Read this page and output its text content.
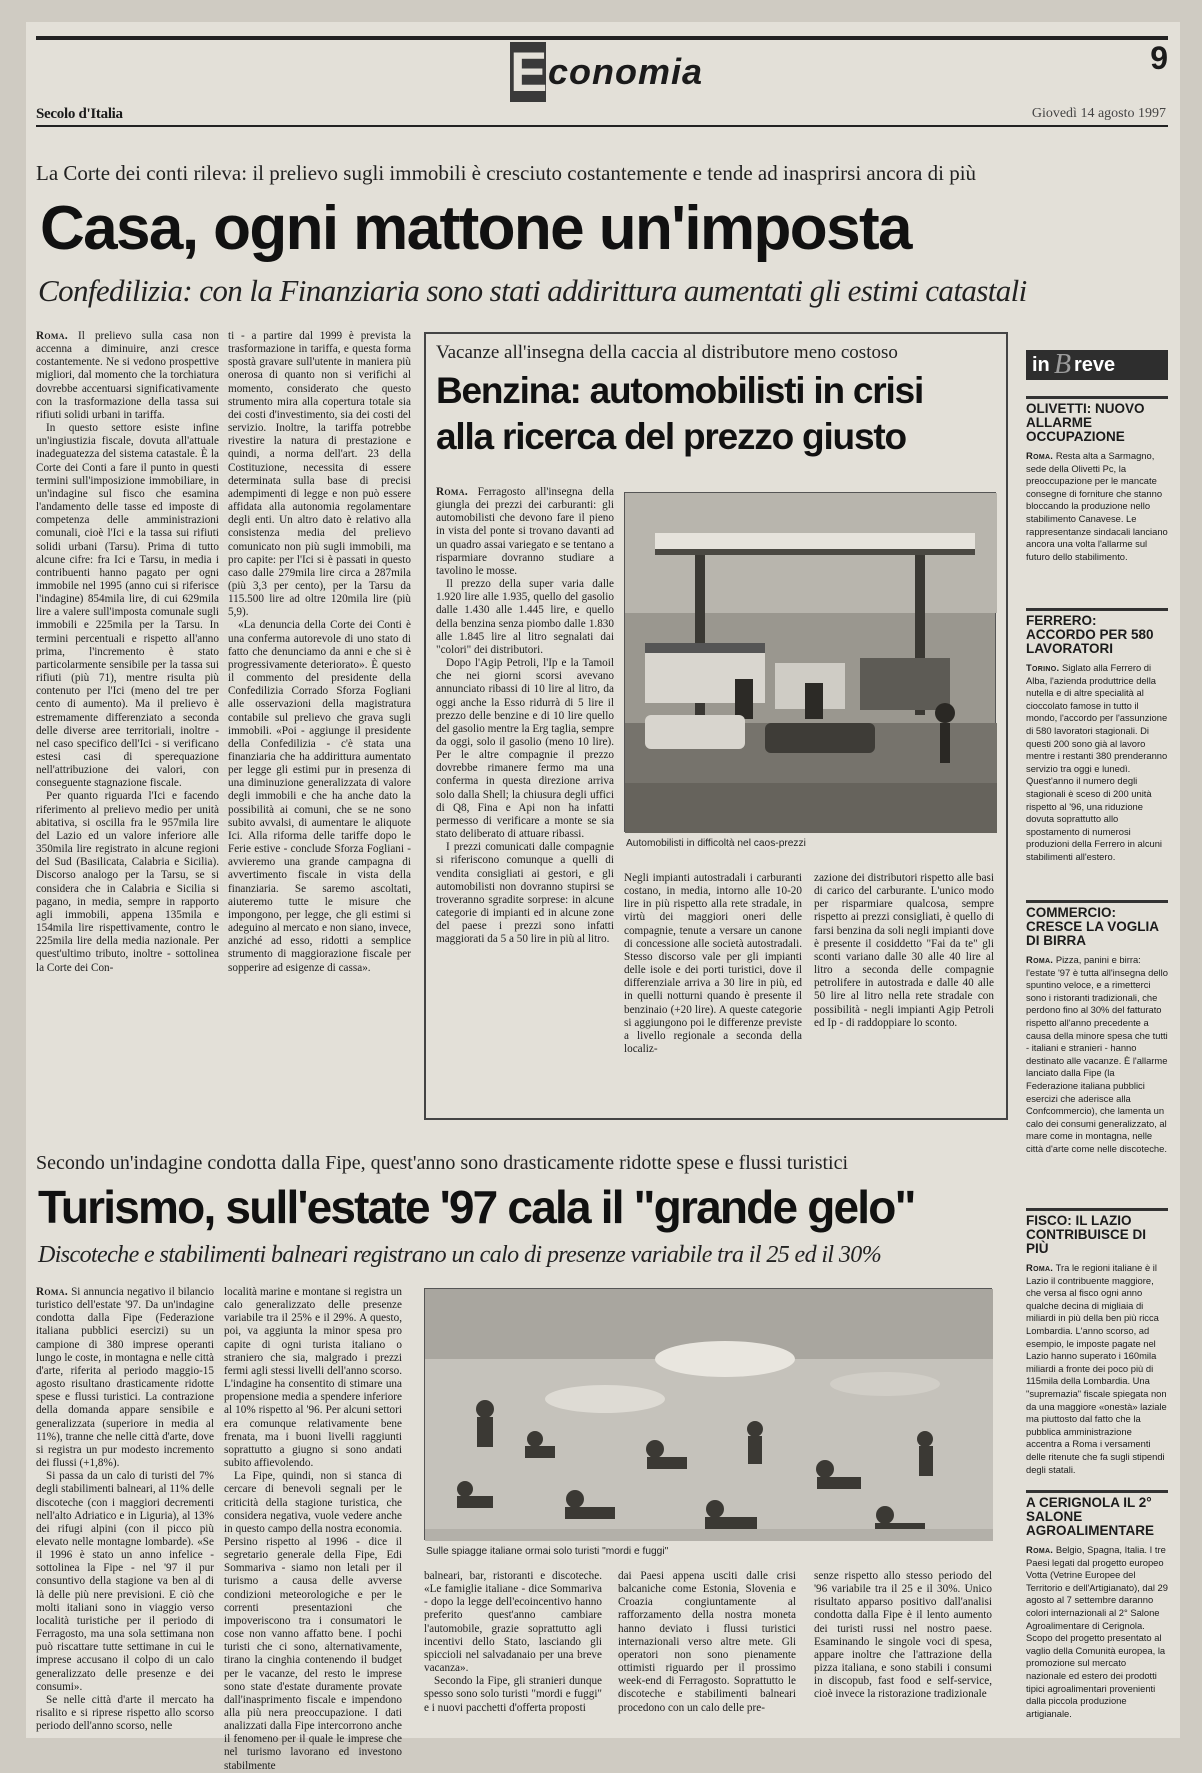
E conomia	9
Secolo d'Italia	Giovedì 14 agosto 1997
La Corte dei conti rileva: il prelievo sugli immobili è cresciuto costantemente e tende ad inasprirsi ancora di più
Casa, ogni mattone un'imposta
Confedilizia: con la Finanziaria sono stati addirittura aumentati gli estimi catastali

Roma. Il prelievo sulla casa non accenna a diminuire, anzi cresce costantemente. Ne si vedono prospettive migliori, dal momento che la torchiatura dovrebbe accentuarsi significativamente con la trasformazione della tassa sui rifiuti solidi urbani in tariffa.

In questo settore esiste infine un'ingiustizia fiscale, dovuta all'attuale inadeguatezza del sistema catastale. È la Corte dei Conti a fare il punto in questi termini sull'imposizione immobiliare, in un'indagine sul fisco che esamina l'andamento delle tasse ed imposte di competenza delle amministrazioni comunali, cioè l'Ici e la tassa sui rifiuti solidi urbani (Tarsu). Prima di tutto alcune cifre: fra Ici e Tarsu, in media i contribuenti hanno pagato per ogni immobile nel 1995 (anno cui si riferisce l'indagine) 854mila lire, di cui 629mila lire a valere sull'imposta comunale sugli immobili e 225mila per la Tarsu. In termini percentuali e rispetto all'anno prima, l'incremento è stato particolarmente sensibile per la tassa sui rifiuti (più 71), mentre risulta più contenuto per l'Ici (meno del tre per cento di aumento). Ma il prelievo è estremamente differenziato a seconda delle diverse aree territoriali, inoltre - nel caso specifico dell'Ici - si verificano estesi casi di sperequazione nell'attribuzione dei valori, con conseguente stagnazione fiscale.

Per quanto riguarda l'Ici e facendo riferimento al prelievo medio per unità abitativa, si oscilla fra le 957mila lire del Lazio ed un valore inferiore alle 350mila lire registrato in alcune regioni del Sud (Basilicata, Calabria e Sicilia). Discorso analogo per la Tarsu, se si considera che in Calabria e Sicilia si pagano, in media, sempre in rapporto agli immobili, appena 135mila e 154mila lire rispettivamente, contro le 225mila lire della media nazionale. Per quest'ultimo tributo, inoltre - sottolinea la Corte dei Con-

ti - a partire dal 1999 è prevista la trasformazione in tariffa, e questa forma spostà gravare sull'utente in maniera più onerosa di quanto non si verifichi al momento, considerato che questo strumento mira alla copertura totale sia dei costi d'investimento, sia dei costi del servizio. Inoltre, la tariffa potrebbe rivestire la natura di prestazione e quindi, a norma dell'art. 23 della Costituzione, necessita di essere determinata sulla base di precisi adempimenti di legge e non può essere affidata alla autonomia regolamentare degli enti. Un altro dato è relativo alla consistenza media del prelievo comunicato non più sugli immobili, ma pro capite: per l'Ici si è passati in questo caso dalle 279mila lire circa a 287mila (più 3,3 per cento), per la Tarsu da 115.500 lire ad oltre 120mila lire (più 5,9).

«La denuncia della Corte dei Conti è una conferma autorevole di uno stato di fatto che denunciamo da anni e che si è progressivamente deteriorato». È questo il commento del presidente della Confedilizia Corrado Sforza Fogliani alle osservazioni della magistratura contabile sul prelievo che grava sugli immobili. «Poi - aggiunge il presidente della Confedilizia - c'è stata una finanziaria che ha addirittura aumentato per legge gli estimi pur in presenza di una diminuzione generalizzata di valore degli immobili e che ha anche dato la possibilità ai comuni, che se ne sono subito avvalsi, di aumentare le aliquote Ici. Alla riforma delle tariffe dopo le Ferie estive - conclude Sforza Fogliani - avvieremo una grande campagna di avvertimento fiscale in vista della finanziaria. Se saremo ascoltati, aiuteremo tutte le misure che impongono, per legge, che gli estimi si adeguino al mercato e non siano, invece, anziché ad esso, ridotti a semplice strumento di maggiorazione fiscale per sopperire ad esigenze di cassa».

Vacanze all'insegna della caccia al distributore meno costoso
Benzina: automobilisti in crisi
alla ricerca del prezzo giusto

Roma. Ferragosto all'insegna della giungla dei prezzi dei carburanti: gli automobilisti che devono fare il pieno in vista del ponte si trovano davanti ad un quadro assai variegato e se tentano a risparmiare dovranno studiare a tavolino le mosse.

Il prezzo della super varia dalle 1.920 lire alle 1.935, quello del gasolio dalle 1.430 alle 1.445 lire, e quello della benzina senza piombo dalle 1.830 alle 1.845 lire al litro segnalati dai "colori" dei distributori.

Dopo l'Agip Petroli, l'Ip e la Tamoil che nei giorni scorsi avevano annunciato ribassi di 10 lire al litro, da oggi anche la Esso ridurrà di 5 lire il prezzo delle benzine e di 10 lire quello del gasolio mentre la Erg taglia, sempre da oggi, solo il gasolio (meno 10 lire). Per le altre compagnie il prezzo dovrebbe rimanere fermo ma una conferma in questa direzione arriva solo dalla Shell; la chiusura degli uffici di Q8, Fina e Api non ha infatti permesso di verificare a monte se sia stato deliberato di attuare ribassi.

I prezzi comunicati dalle compagnie si riferiscono comunque a quelli di vendita consigliati ai gestori, e gli automobilisti non dovranno stupirsi se troveranno sgradite sorprese: in alcune categorie di impianti ed in alcune zone del paese i prezzi sono infatti maggiorati da 5 a 50 lire in più al litro.

Automobilisti in difficoltà nel caos-prezzi

Negli impianti autostradali i carburanti costano, in media, intorno alle 10-20 lire in più rispetto alla rete stradale, in virtù dei maggiori oneri delle compagnie, tenute a versare un canone di concessione alle società autostradali. Stesso discorso vale per gli impianti delle isole e dei porti turistici, dove il differenziale arriva a 30 lire in più, ed in quelli notturni quando è presente il benzinaio (+20 lire). A queste categorie si aggiungono poi le differenze previste a livello regionale a seconda della localiz-

zazione dei distributori rispetto alle basi di carico del carburante. L'unico modo per risparmiare qualcosa, sempre rispetto ai prezzi consigliati, è quello di farsi benzina da soli negli impianti dove è presente il cosiddetto "Fai da te" gli sconti variano dalle 30 alle 40 lire al litro a seconda delle compagnie petrolifere in autostrada e dalle 40 alle 50 lire al litro nella rete stradale con possibilità - negli impianti Agip Petroli ed Ip - di raddoppiare lo sconto.

Secondo un'indagine condotta dalla Fipe, quest'anno sono drasticamente ridotte spese e flussi turistici
Turismo, sull'estate '97 cala il "grande gelo"
Discoteche e stabilimenti balneari registrano un calo di presenze variabile tra il 25 ed il 30%

Roma. Si annuncia negativo il bilancio turistico dell'estate '97. Da un'indagine condotta dalla Fipe (Federazione italiana pubblici esercizi) su un campione di 380 imprese operanti lungo le coste, in montagna e nelle città d'arte, riferita al periodo maggio-15 agosto risultano drasticamente ridotte spese e flussi turistici. La contrazione della domanda appare sensibile e generalizzata (superiore in media al 11%), tranne che nelle città d'arte, dove si registra un pur modesto incremento dei flussi (+1,8%).

Si passa da un calo di turisti del 7% degli stabilimenti balneari, al 11% delle discoteche (con i maggiori decrementi nell'alto Adriatico e in Liguria), al 13% dei rifugi alpini (con il picco più elevato nelle montagne lombarde). «Se il 1996 è stato un anno infelice - sottolinea la Fipe - nel '97 il pur consuntivo della stagione va ben al di là delle più nere previsioni. E ciò che molti italiani sono in viaggio verso località turistiche per il periodo di Ferragosto, ma una sola settimana non può riscattare tutte settimane in cui le imprese accusano il colpo di un calo generalizzato delle presenze e dei consumi».

Se nelle città d'arte il mercato ha risalito e si riprese rispetto allo scorso periodo dell'anno scorso, nelle

località marine e montane si registra un calo generalizzato delle presenze variabile tra il 25% e il 29%. A questo, poi, va aggiunta la minor spesa pro capite di ogni turista italiano o straniero che sia, malgrado i prezzi fermi agli stessi livelli dell'anno scorso. L'indagine ha consentito di stimare una propensione media a spendere inferiore al 10% rispetto al '96. Per alcuni settori era comunque relativamente bene frenata, ma i buoni livelli raggiunti soprattutto a giugno si sono andati subito affievolendo.

La Fipe, quindi, non si stanca di cercare di benevoli segnali per le criticità della stagione turistica, che considera negativa, vuole vedere anche in questo campo della nostra economia. Persino rispetto al 1996 - dice il segretario generale della Fipe, Edi Sommariva - siamo non letali per il turismo a causa delle avverse condizioni meteorologiche e per le correnti presentazioni che impoveriscono tra i consumatori le cose non vanno affatto bene. I pochi turisti che ci sono, alternativamente, tirano la cinghia contenendo il budget per le vacanze, del resto le imprese sono state d'estate duramente provate dall'inasprimento fiscale e impendono alla più nera preoccupazione. I dati analizzati dalla Fipe intercorrono anche il fenomeno per il quale le imprese che nel turismo lavorano ed investono stabilmente

Sulle spiagge italiane ormai solo turisti "mordi e fuggi"

balneari, bar, ristoranti e discoteche. «Le famiglie italiane - dice Sommariva - dopo la legge dell'ecoincentivo hanno preferito quest'anno cambiare l'automobile, grazie soprattutto agli incentivi dello Stato, lasciando gli spiccioli nel salvadanaio per una breve vacanza».

Secondo la Fipe, gli stranieri dunque spesso sono solo turisti "mordi e fuggi" e i nuovi pacchetti d'offerta proposti

dai Paesi appena usciti dalle crisi balcaniche come Estonia, Slovenia e Croazia congiuntamente al rafforzamento della nostra moneta hanno deviato i flussi turistici internazionali verso altre mete. Gli operatori non sono pienamente ottimisti riguardo per il prossimo week-end di Ferragosto. Soprattutto le discoteche e stabilimenti balneari procedono con un calo delle pre-

senze rispetto allo stesso periodo del '96 variabile tra il 25 e il 30%. Unico risultato apparso positivo dall'analisi condotta dalla Fipe è il lento aumento dei turisti russi nel nostro paese. Esaminando le singole voci di spesa, appare inoltre che l'attrazione della pizza italiana, e sono stabili i consumi in discopub, fast food e self-service, cioè invece la ristorazione tradizionale

in B reve
OLIVETTI: NUOVO ALLARME OCCUPAZIONE
Roma. Resta alta a Sarmagno, sede della Olivetti Pc, la preoccupazione per le mancate consegne di forniture che stanno bloccando la produzione nello stabilimento Canavese. Le rappresentanze sindacali lanciano ancora una volta l'allarme sul futuro dello stabilimento.
FERRERO: ACCORDO PER 580 LAVORATORI
Torino. Siglato alla Ferrero di Alba, l'azienda produttrice della nutella e di altre specialità al cioccolato famose in tutto il mondo, l'accordo per l'assunzione di 580 lavoratori stagionali. Di questi 200 sono già al lavoro mentre i restanti 380 prenderanno servizio tra oggi e lunedì. Quest'anno il numero degli stagionali è sceso di 200 unità rispetto al '96, una riduzione dovuta soprattutto allo spostamento di numerosi produzioni della Ferrero in alcuni stabilimenti all'estero.
COMMERCIO: CRESCE LA VOGLIA DI BIRRA
Roma. Pizza, panini e birra: l'estate '97 è tutta all'insegna dello spuntino veloce, e a rimetterci sono i ristoranti tradizionali, che perdono fino al 30% del fatturato rispetto all'anno precedente a causa della minore spesa che tutti - italiani e stranieri - hanno destinato alle vacanze. È l'allarme lanciato dalla Fipe (la Federazione italiana pubblici esercizi che aderisce alla Confcommercio), che lamenta un calo dei consumi generalizzato, al mare come in montagna, nelle città d'arte come nelle discoteche.
FISCO: IL LAZIO CONTRIBUISCE DI PIÙ
Roma. Tra le regioni italiane è il Lazio il contribuente maggiore, che versa al fisco ogni anno qualche decina di migliaia di miliardi in più della ben più ricca Lombardia. L'anno scorso, ad esempio, le imposte pagate nel Lazio hanno superato i 160mila miliardi a fronte dei poco più di 115mila della Lombardia. Una "supremazia" fiscale spiegata non da una maggiore «onestà» laziale ma piuttosto dal fatto che la pubblica amministrazione accentra a Roma i versamenti delle ritenute che fa sugli stipendi degli statali.
A CERIGNOLA IL 2° SALONE AGROALIMENTARE
Roma. Belgio, Spagna, Italia. I tre Paesi legati dal progetto europeo Votta (Vetrine Europee del Territorio e dell'Artigianato), dal 29 agosto al 7 settembre daranno colori internazionali al 2° Salone Agroalimentare di Cerignola. Scopo del progetto presentato al vaglio della Comunità europea, la promozione sul mercato nazionale ed estero dei prodotti tipici agroalimentari provenienti dalla piccola produzione artigianale.
